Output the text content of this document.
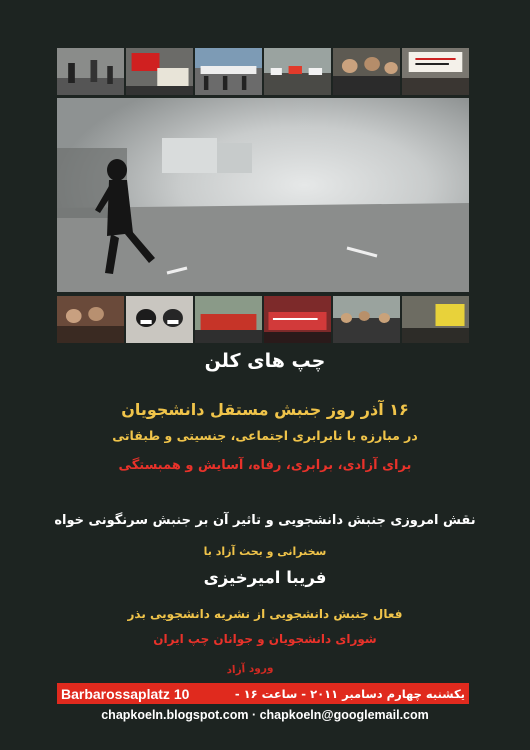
چپ های کلن
۱۶ آذر روز جنبش مستقل دانشجویان
در مبارزه با نابرابری اجتماعی، جنسیتی و طبقاتی
برای آزادی، برابری، رفاه، آسایش و همبستگی
نقش امروزی جنبش دانشجویی و تاثیر آن بر جنبش سرنگونی خواه
سخنرانی و بحث آزاد با
فریبا امیرخیزی
فعال جنبش دانشجویی از نشریه دانشجویی بذر
شورای دانشجویان و جوانان چپ ایران
ورود آزاد
Barbarossaplatz 10	یکشنبه چهارم دسامبر ۲۰۱۱ - ساعت ۱۶ -
chapkoeln.blogspot.com · chapkoeln@googlemail.com
